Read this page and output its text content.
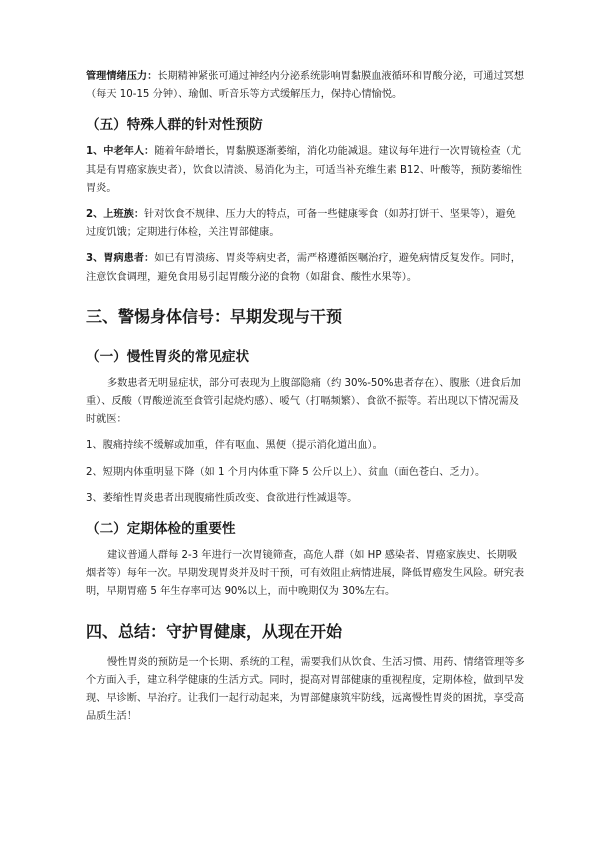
管理情绪压力：长期精神紧张可通过神经内分泌系统影响胃黏膜血液循环和胃酸分泌，可通过冥想（每天 10-15 分钟）、瑜伽、听音乐等方式缓解压力，保持心情愉悦。

（五）特殊人群的针对性预防

1、中老年人：随着年龄增长，胃黏膜逐渐萎缩，消化功能减退。建议每年进行一次胃镜检查（尤其是有胃癌家族史者），饮食以清淡、易消化为主，可适当补充维生素 B12、叶酸等，预防萎缩性胃炎。

2、上班族：针对饮食不规律、压力大的特点，可备一些健康零食（如苏打饼干、坚果等），避免过度饥饿；定期进行体检，关注胃部健康。

3、胃病患者：如已有胃溃疡、胃炎等病史者，需严格遵循医嘱治疗，避免病情反复发作。同时，注意饮食调理，避免食用易引起胃酸分泌的食物（如甜食、酸性水果等）。

三、警惕身体信号：早期发现与干预
（一）慢性胃炎的常见症状

多数患者无明显症状，部分可表现为上腹部隐痛（约 30%-50%患者存在）、腹胀（进食后加重）、反酸（胃酸逆流至食管引起烧灼感）、嗳气（打嗝频繁）、食欲不振等。若出现以下情况需及时就医：

1、腹痛持续不缓解或加重，伴有呕血、黑便（提示消化道出血）。

2、短期内体重明显下降（如 1 个月内体重下降 5 公斤以上）、贫血（面色苍白、乏力）。

3、萎缩性胃炎患者出现腹痛性质改变、食欲进行性减退等。

（二）定期体检的重要性

建议普通人群每 2-3 年进行一次胃镜筛查，高危人群（如 HP 感染者、胃癌家族史、长期吸烟者等）每年一次。早期发现胃炎并及时干预，可有效阻止病情进展，降低胃癌发生风险。研究表明，早期胃癌 5 年生存率可达 90%以上，而中晚期仅为 30%左右。

四、总结：守护胃健康，从现在开始

慢性胃炎的预防是一个长期、系统的工程，需要我们从饮食、生活习惯、用药、情绪管理等多个方面入手，建立科学健康的生活方式。同时，提高对胃部健康的重视程度，定期体检，做到早发现、早诊断、早治疗。让我们一起行动起来，为胃部健康筑牢防线，远离慢性胃炎的困扰，享受高品质生活！
